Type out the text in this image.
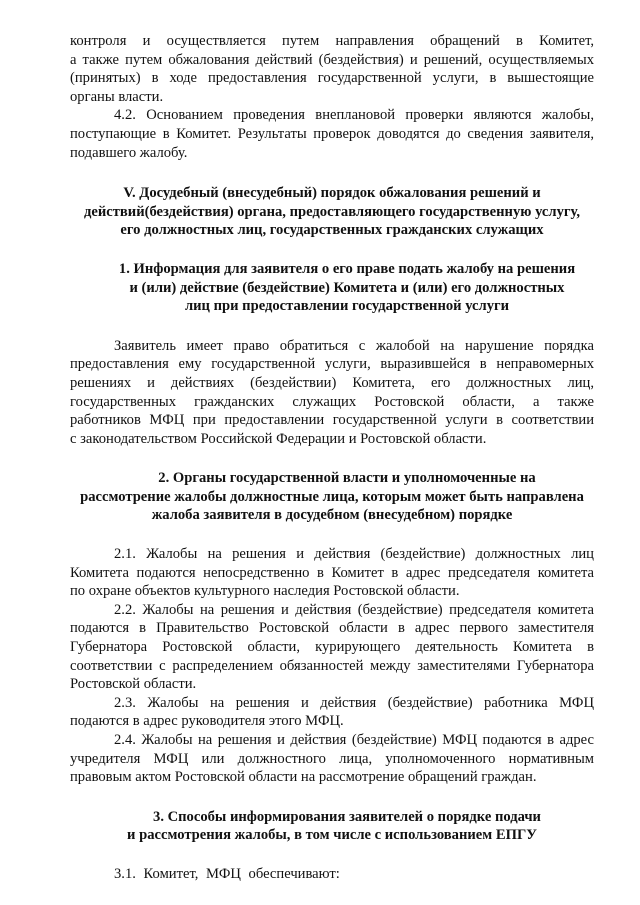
контроля и осуществляется путем направления обращений в Комитет,
а также путем обжалования действий (бездействия) и решений, осуществляемых
(принятых) в ходе предоставления государственной услуги, в вышестоящие
органы власти.
4.2. Основанием проведения внеплановой проверки являются жалобы,
поступающие в Комитет. Результаты проверок доводятся до сведения заявителя,
подавшего жалобу.
V. Досудебный (внесудебный) порядок обжалования решений и
действий(бездействия) органа, предоставляющего государственную услугу,
его должностных лиц, государственных гражданских служащих
1. Информация для заявителя о его праве подать жалобу на решения
и (или) действие (бездействие) Комитета и (или) его должностных
лиц при предоставлении государственной услуги
Заявитель имеет право обратиться с жалобой на нарушение порядка
предоставления ему государственной услуги, выразившейся в неправомерных
решениях и действиях (бездействии) Комитета, его должностных лиц,
государственных гражданских служащих Ростовской области, а также
работников МФЦ при предоставлении государственной услуги в соответствии
с законодательством Российской Федерации и Ростовской области.
2. Органы государственной власти и уполномоченные на
рассмотрение жалобы должностные лица, которым может быть направлена
жалоба заявителя в досудебном (внесудебном) порядке
2.1. Жалобы на решения и действия (бездействие) должностных лиц
Комитета подаются непосредственно в Комитет в адрес председателя комитета
по охране объектов культурного наследия Ростовской области.
2.2. Жалобы на решения и действия (бездействие) председателя комитета
подаются в Правительство Ростовской области в адрес первого заместителя
Губернатора Ростовской области, курирующего деятельность Комитета в
соответствии с распределением обязанностей между заместителями Губернатора
Ростовской области.
2.3. Жалобы на решения и действия (бездействие) работника МФЦ
подаются в адрес руководителя этого МФЦ.
2.4. Жалобы на решения и действия (бездействие) МФЦ подаются в адрес
учредителя МФЦ или должностного лица, уполномоченного нормативным
правовым актом Ростовской области на рассмотрение обращений граждан.
3. Способы информирования заявителей о порядке подачи
и рассмотрения жалобы, в том числе с использованием ЕПГУ

3.1. Комитет, МФЦ обеспечивают:
